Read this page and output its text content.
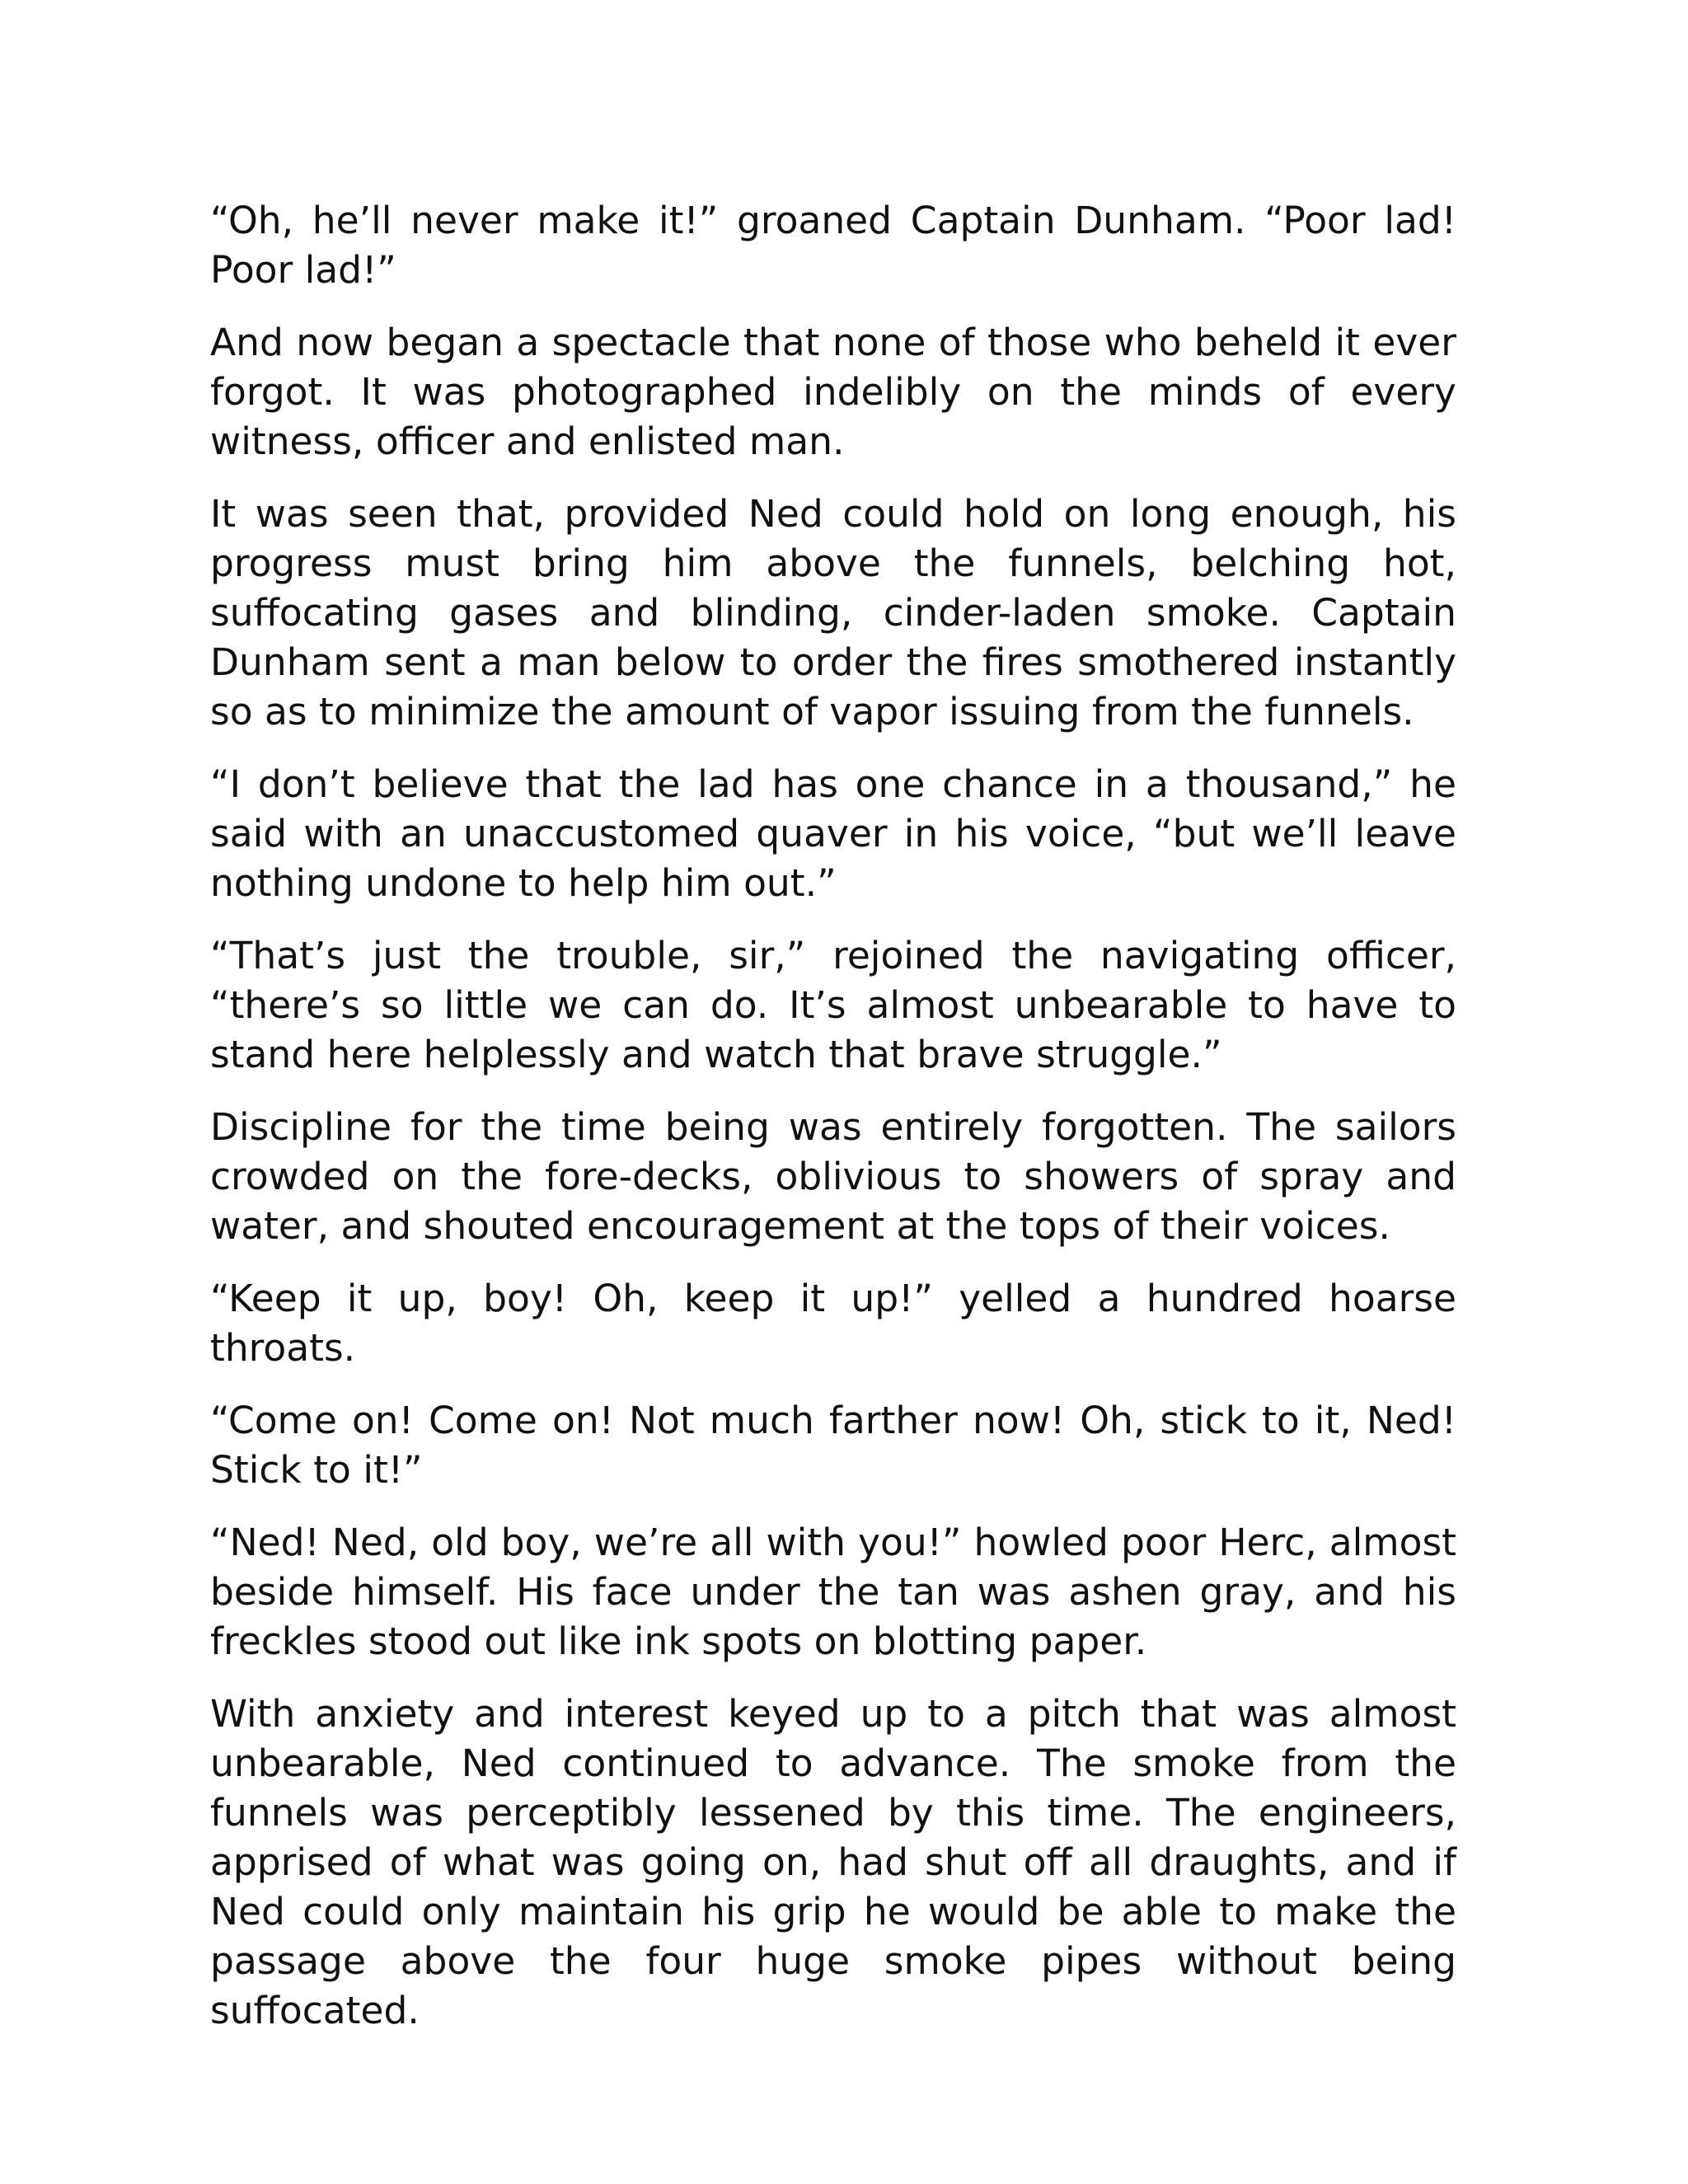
“Oh, he’ll never make it!” groaned Captain Dunham. “Poor lad! Poor lad!”

And now began a spectacle that none of those who beheld it ever forgot. It was photographed indelibly on the minds of every witness, officer and enlisted man.

It was seen that, provided Ned could hold on long enough, his progress must bring him above the funnels, belching hot, suffocating gases and blinding, cinder-laden smoke. Captain Dunham sent a man below to order the fires smothered instantly so as to minimize the amount of vapor issuing from the funnels.

“I don’t believe that the lad has one chance in a thousand,” he said with an unaccustomed quaver in his voice, “but we’ll leave nothing undone to help him out.”

“That’s just the trouble, sir,” rejoined the navigating officer, “there’s so little we can do. It’s almost unbearable to have to stand here helplessly and watch that brave struggle.”

Discipline for the time being was entirely forgotten. The sailors crowded on the fore-decks, oblivious to showers of spray and water, and shouted encouragement at the tops of their voices.

“Keep it up, boy! Oh, keep it up!” yelled a hundred hoarse throats.

“Come on! Come on! Not much farther now! Oh, stick to it, Ned! Stick to it!”

“Ned! Ned, old boy, we’re all with you!” howled poor Herc, almost beside himself. His face under the tan was ashen gray, and his freckles stood out like ink spots on blotting paper.

With anxiety and interest keyed up to a pitch that was almost unbearable, Ned continued to advance. The smoke from the funnels was perceptibly lessened by this time. The engineers, apprised of what was going on, had shut off all draughts, and if Ned could only maintain his grip he would be able to make the passage above the four huge smoke pipes without being suffocated.
